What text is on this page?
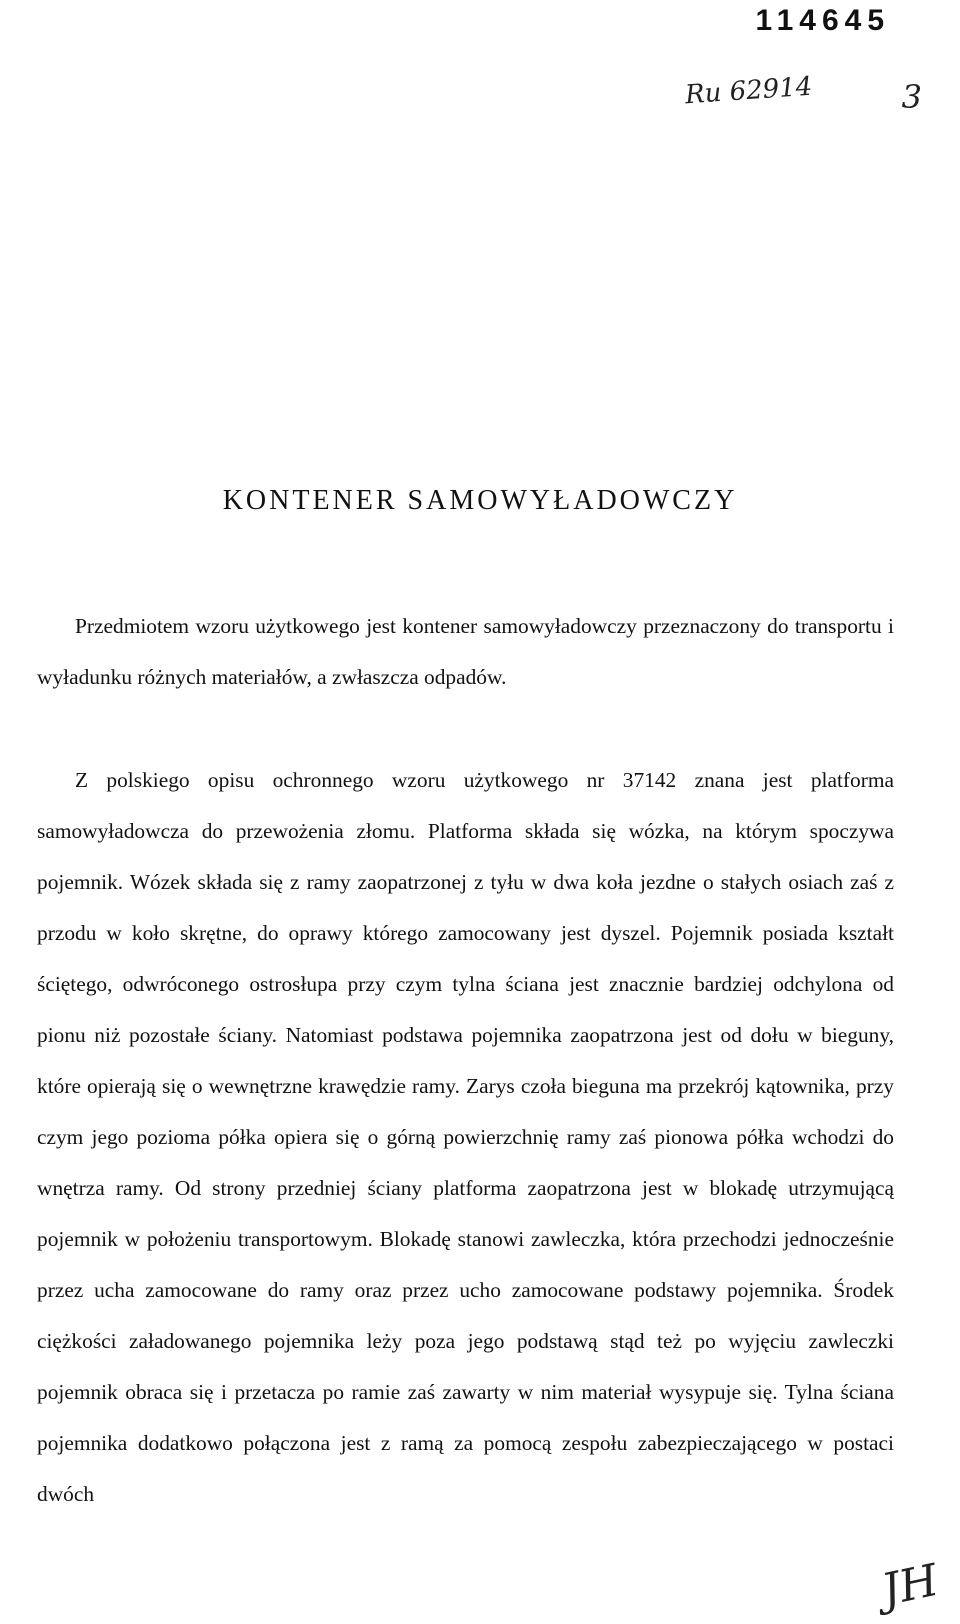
114645
Ru 62914	3
KONTENER SAMOWYŁADOWCZY

Przedmiotem wzoru użytkowego jest kontener samowyładowczy przeznaczony do transportu i wyładunku różnych materiałów, a zwłaszcza odpadów.

Z polskiego opisu ochronnego wzoru użytkowego nr 37142 znana jest platforma samowyładowcza do przewożenia złomu. Platforma składa się wózka, na którym spoczywa pojemnik. Wózek składa się z ramy zaopatrzonej z tyłu w dwa koła jezdne o stałych osiach zaś z przodu w koło skrętne, do oprawy którego zamocowany jest dyszel. Pojemnik posiada kształt ściętego, odwróconego ostrosłupa przy czym tylna ściana jest znacznie bardziej odchylona od pionu niż pozostałe ściany. Natomiast podstawa pojemnika zaopatrzona jest od dołu w bieguny, które opierają się o wewnętrzne krawędzie ramy. Zarys czoła bieguna ma przekrój kątownika, przy czym jego pozioma półka opiera się o górną powierzchnię ramy zaś pionowa półka wchodzi do wnętrza ramy. Od strony przedniej ściany platforma zaopatrzona jest w blokadę utrzymującą pojemnik w położeniu transportowym. Blokadę stanowi zawleczka, która przechodzi jednocześnie przez ucha zamocowane do ramy oraz przez ucho zamocowane podstawy pojemnika. Środek ciężkości załadowanego pojemnika leży poza jego podstawą stąd też po wyjęciu zawleczki pojemnik obraca się i przetacza po ramie zaś zawarty w nim materiał wysypuje się. Tylna ściana pojemnika dodatkowo połączona jest z ramą za pomocą zespołu zabezpieczającego w postaci dwóch

JH
